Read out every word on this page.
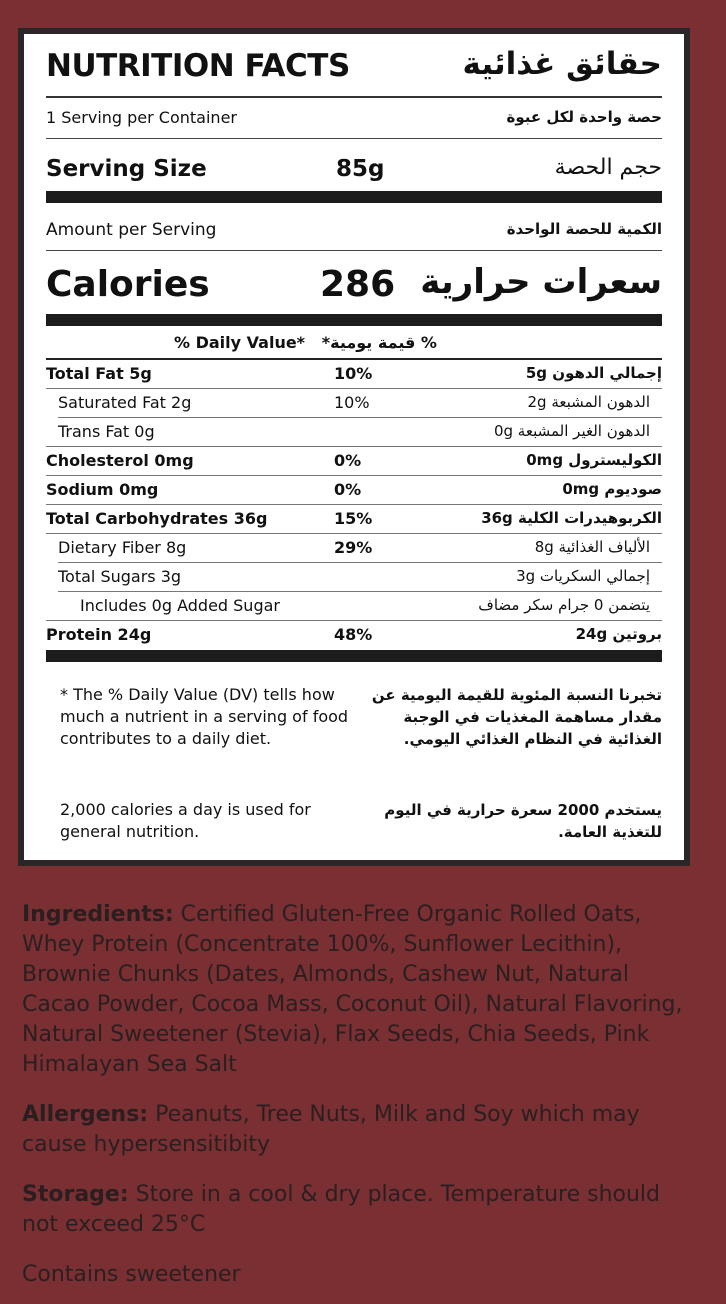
NUTRITION FACTS	حقائق غذائية
1 Serving per Container	حصة واحدة لكل عبوة
Serving Size	85g	حجم الحصة
Amount per Serving	الكمية للحصة الواحدة
Calories	286 سعرات حرارية
% Daily Value* % قيمة يومية*
Total Fat 5g	10%	إجمالي الدهون 5g
Saturated Fat 2g	10%	الدهون المشبعة 2g
Trans Fat 0g	الدهون الغير المشبعة 0g
Cholesterol 0mg	0%	الكوليسترول 0mg
Sodium 0mg	0%	صوديوم 0mg
Total Carbohydrates 36g	15%	الكربوهيدرات الكلية 36g
Dietary Fiber 8g	29%	الألياف الغذائية 8g
Total Sugars 3g	إجمالي السكريات 3g
Includes 0g Added Sugar	يتضمن 0 جرام سكر مضاف
Protein 24g	48%	بروتين 24g
* The % Daily Value (DV) tells how much a nutrient in a serving of food contributes to a daily diet.
تخبرنا النسبة المئوية للقيمة اليومية عن مقدار مساهمة المغذيات في الوجبة الغذائية في النظام الغذائي اليومي.
2,000 calories a day is used for general nutrition.
يستخدم 2000 سعرة حرارية في اليوم للتغذية العامة.
Ingredients: Certified Gluten-Free Organic Rolled Oats, Whey Protein (Concentrate 100%, Sunflower Lecithin), Brownie Chunks (Dates, Almonds, Cashew Nut, Natural Cacao Powder, Cocoa Mass, Coconut Oil), Natural Flavoring, Natural Sweetener (Stevia), Flax Seeds, Chia Seeds, Pink Himalayan Sea Salt
Allergens: Peanuts, Tree Nuts, Milk and Soy which may cause hypersensitibity
Storage: Store in a cool & dry place. Temperature should not exceed 25°C
Contains sweetener
